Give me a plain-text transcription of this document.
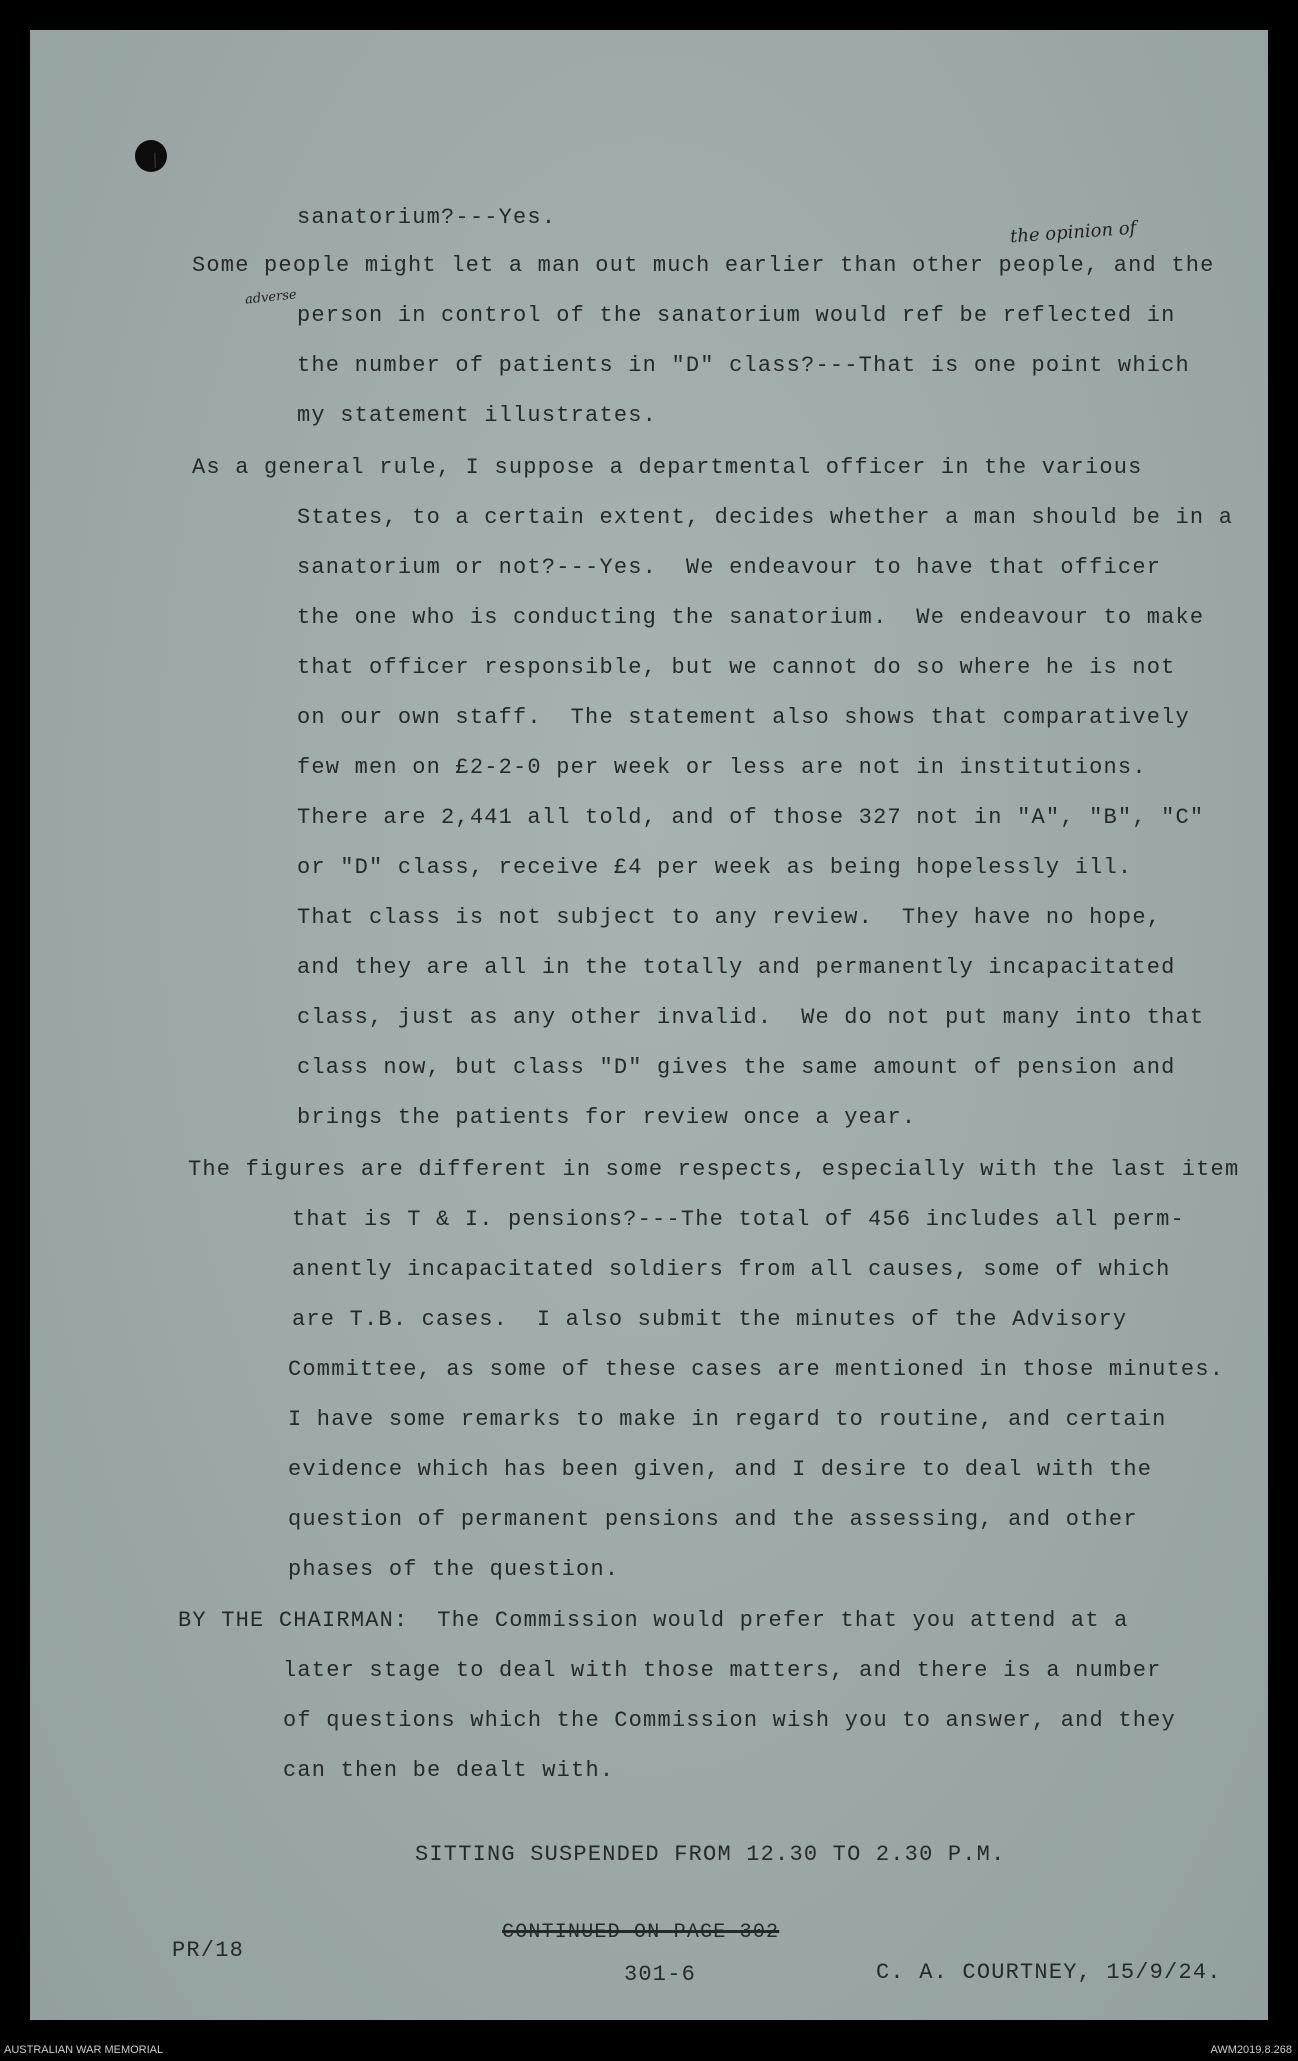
/
the opinion of
adverse
sanatorium?---Yes.
Some people might let a man out much earlier than other people, and the
person in control of the sanatorium would ref be reflected in
the number of patients in "D" class?---That is one point which
my statement illustrates.
As a general rule, I suppose a departmental officer in the various
States, to a certain extent, decides whether a man should be in a
sanatorium or not?---Yes.  We endeavour to have that officer
the one who is conducting the sanatorium.  We endeavour to make
that officer responsible, but we cannot do so where he is not
on our own staff.  The statement also shows that comparatively
few men on £2-2-0 per week or less are not in institutions.
There are 2,441 all told, and of those 327 not in "A", "B", "C"
or "D" class, receive £4 per week as being hopelessly ill.
That class is not subject to any review.  They have no hope,
and they are all in the totally and permanently incapacitated
class, just as any other invalid.  We do not put many into that
class now, but class "D" gives the same amount of pension and
brings the patients for review once a year.
The figures are different in some respects, especially with the last item
that is T & I. pensions?---The total of 456 includes all perm-
anently incapacitated soldiers from all causes, some of which
are T.B. cases.  I also submit the minutes of the Advisory
Committee, as some of these cases are mentioned in those minutes.
I have some remarks to make in regard to routine, and certain
evidence which has been given, and I desire to deal with the
question of permanent pensions and the assessing, and other
phases of the question.
BY THE CHAIRMAN:  The Commission would prefer that you attend at a
later stage to deal with those matters, and there is a number
of questions which the Commission wish you to answer, and they
can then be dealt with.
SITTING SUSPENDED FROM 12.30 TO 2.30 P.M.
PR/18
CONTINUED ON PAGE 302
301-6	C. A. COURTNEY, 15/9/24.
AUSTRALIAN WAR MEMORIAL	AWM2019.8.268
